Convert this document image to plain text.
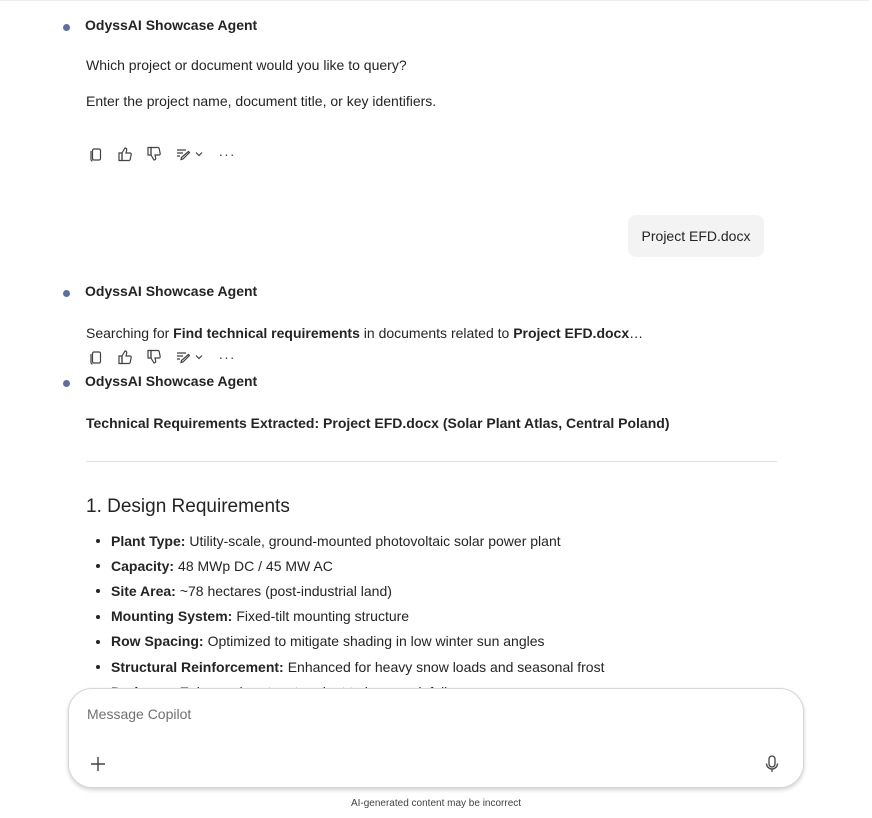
OdyssAI Showcase Agent
Which project or document would you like to query?
Enter the project name, document title, or key identifiers.
···
Project EFD.docx
OdyssAI Showcase Agent
Searching for Find technical requirements in documents related to Project EFD.docx…
···
OdyssAI Showcase Agent
Technical Requirements Extracted: Project EFD.docx (Solar Plant Atlas, Central Poland)
1. Design Requirements
Plant Type: Utility-scale, ground-mounted photovoltaic solar power plant
Capacity: 48 MWp DC / 45 MW AC
Site Area: ~78 hectares (post-industrial land)
Mounting System: Fixed-tilt mounting structure
Row Spacing: Optimized to mitigate shading in low winter sun angles
Structural Reinforcement: Enhanced for heavy snow loads and seasonal frost
Message Copilot
AI-generated content may be incorrect
